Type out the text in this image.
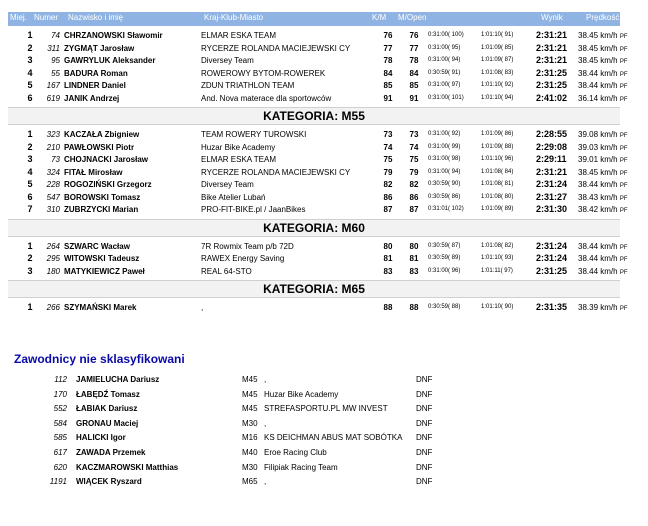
Miej. Numer Nazwisko i imię	Kraj-Klub-Miasto	K/M M/Open	Wynik	Prędkość
1	74 CHRZANOWSKI Sławomir	ELMAR ESKA TEAM	76	76	0:31:00( 100)	1:01:10( 91)	2:31:21 38.45 km/h PF
2	311 ZYGMĄT Jarosław	RYCERZE ROLANDA MACIEJEWSKI CY	77	77	0:31:00( 95)	1:01:09( 85)	2:31:21 38.45 km/h PF
3	95 GAWRYLUK Aleksander	Diversey Team	78	78	0:31:00( 94)	1:01:09( 87)	2:31:21 38.45 km/h PF
4	55 BADURA Roman	ROWEROWY BYTOM-ROWEREK	84	84	0:30:59( 91)	1:01:08( 83)	2:31:25 38.44 km/h PF
5	167 LINDNER Daniel	ZDUN TRIATHLON TEAM	85	85	0:31:00( 97)	1:01:10( 92)	2:31:25 38.44 km/h PF
6	619 JANIK Andrzej	And. Nova materace dla sportowców	91	91	0:31:00( 101)	1:01:10( 94)	2:41:02 36.14 km/h PF
KATEGORIA: M55
1	323 KACZAŁA Zbigniew	TEAM ROWERY TUROWSKI	73	73	0:31:00( 92)	1:01:09( 86)	2:28:55 39.08 km/h PF
2	210 PAWŁOWSKI Piotr	Huzar Bike Academy	74	74	0:31:00( 99)	1:01:09( 88)	2:29:08 39.03 km/h PF
3	73 CHOJNACKI Jarosław	ELMAR ESKA TEAM	75	75	0:31:00( 98)	1:01:10( 96)	2:29:11 39.01 km/h PF
4	324 FITAŁ Mirosław	RYCERZE ROLANDA MACIEJEWSKI CY	79	79	0:31:00( 94)	1:01:08( 84)	2:31:21 38.45 km/h PF
5	228 ROGOZIŃSKI Grzegorz	Diversey Team	82	82	0:30:59( 90)	1:01:08( 81)	2:31:24 38.44 km/h PF
6	547 BOROWSKI Tomasz	Bike Atelier Lubań	86	86	0:30:59( 86)	1:01:08( 80)	2:31:27 38.43 km/h PF
7	310 ZUBRZYCKI Marian	PRO-FIT-BIKE.pl / JaanBikes	87	87	0:31:01( 102)	1:01:09( 89)	2:31:30 38.42 km/h PF
KATEGORIA: M60
1	264 SZWARC Wacław	7R Rowmix Team p/b 72D	80	80	0:30:59( 87)	1:01:08( 82)	2:31:24 38.44 km/h PF
2	295 WITOWSKI Tadeusz	RAWEX Energy Saving	81	81	0:30:59( 89)	1:01:10( 93)	2:31:24 38.44 km/h PF
3	180 MATYKIEWICZ Paweł	REAL 64-STO	83	83	0:31:00( 96)	1:01:11( 97)	2:31:25 38.44 km/h PF
KATEGORIA: M65
1	266 SZYMAŃSKI Marek	,	88	88	0:30:59( 88)	1:01:10( 90)	2:31:35 38.39 km/h PF
Zawodnicy nie sklasyfikowani
112 JAMIELUCHA Dariusz	M45 ,	DNF
170 ŁABĘDŹ Tomasz	M45 Huzar Bike Academy	DNF
552 ŁABIAK Dariusz	M45 STREFASPORTU.PL MW INVEST	DNF
584 GRONAU Maciej	M30 ,	DNF
585 HALICKI Igor	M16 KS DEICHMAN ABUS MAT SOBÓTKA DNF
617 ZAWADA Przemek	M40 Eroe Racing Club	DNF
620 KACZMAROWSKI Matthias	M30 Filipiak Racing Team	DNF
1191 WIĄCEK Ryszard	M65 ,	DNF
